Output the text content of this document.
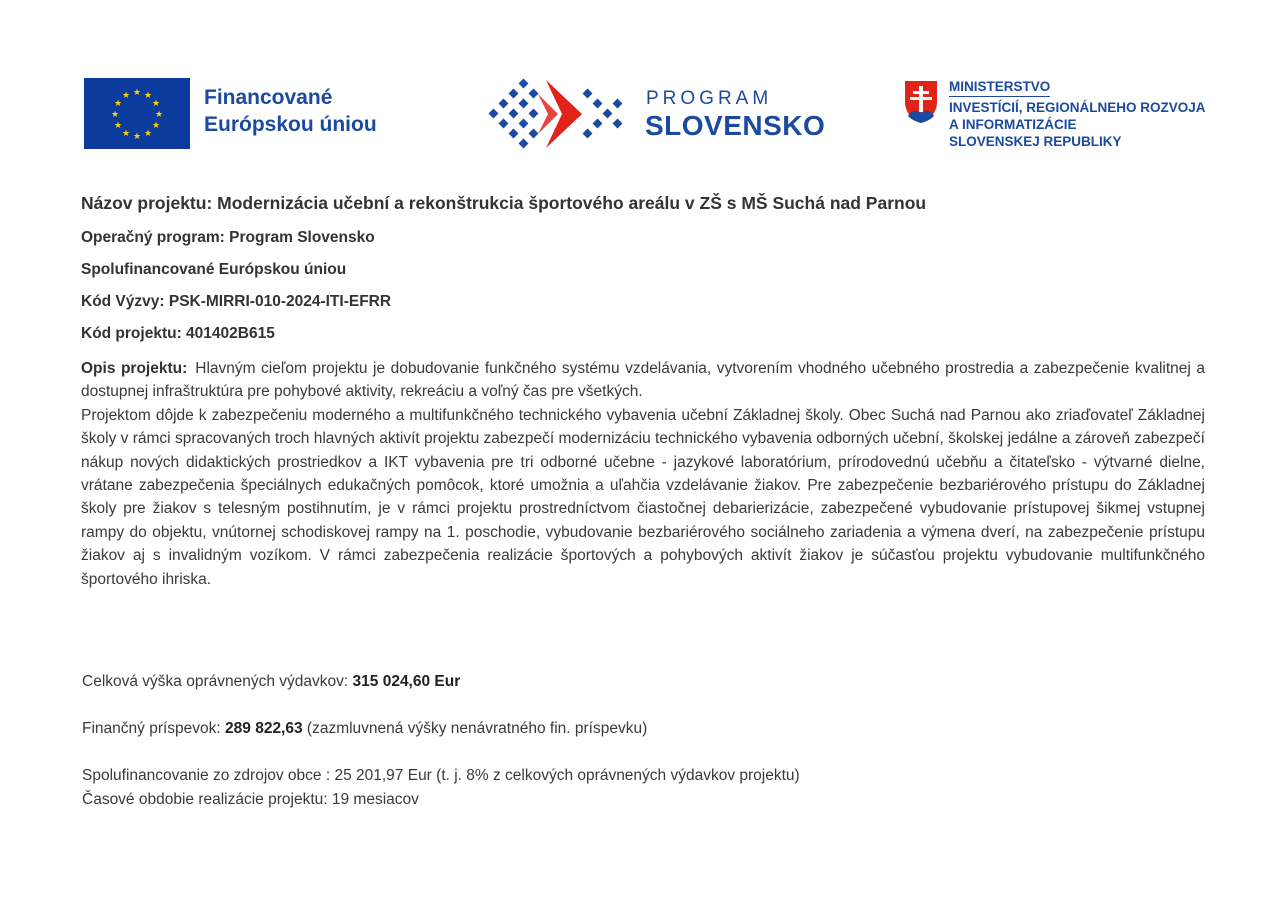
★ ★
★
★
★
★
★
★
★
★
★
★	Financované
Európskou úniou
PROGRAM
SLOVENSKO
MINISTERSTVO
INVESTÍCIÍ, REGIONÁLNEHO ROZVOJA
A INFORMATIZÁCIE
SLOVENSKEJ REPUBLIKY
Názov projektu: Modernizácia učební a rekonštrukcia športového areálu v ZŠ s MŠ Suchá nad Parnou
Operačný program: Program Slovensko
Spolufinancované Európskou úniou
Kód Výzvy: PSK-MIRRI-010-2024-ITI-EFRR
Kód projektu: 401402B615

Opis projektu: Hlavným cieľom projektu je dobudovanie funkčného systému vzdelávania, vytvorením vhodného učebného prostredia a zabezpečenie kvalitnej a dostupnej infraštruktúra pre pohybové aktivity, rekreáciu a voľný čas pre všetkých.

Projektom dôjde k zabezpečeniu moderného a multifunkčného technického vybavenia učební Základnej školy. Obec Suchá nad Parnou ako zriaďovateľ Základnej školy v rámci spracovaných troch hlavných aktivít projektu zabezpečí modernizáciu technického vybavenia odborných učební, školskej jedálne a zároveň zabezpečí nákup nových didaktických prostriedkov a IKT vybavenia pre tri odborné učebne - jazykové laboratórium, prírodovednú učebňu a čitateľsko - výtvarné dielne, vrátane zabezpečenia špeciálnych edukačných pomôcok, ktoré umožnia a uľahčia vzdelávanie žiakov. Pre zabezpečenie bezbariérového prístupu do Základnej školy pre žiakov s telesným postihnutím, je v rámci projektu prostredníctvom čiastočnej debarierizácie, zabezpečené vybudovanie prístupovej šikmej vstupnej rampy do objektu, vnútornej schodiskovej rampy na 1. poschodie, vybudovanie bezbariérového sociálneho zariadenia a výmena dverí, na zabezpečenie prístupu žiakov aj s invalidným vozíkom. V rámci zabezpečenia realizácie športových a pohybových aktivít žiakov je súčasťou projektu vybudovanie multifunkčného športového ihriska.

Celková výška oprávnených výdavkov: 315 024,60 Eur
Finančný príspevok: 289 822,63 (zazmluvnená výšky nenávratného fin. príspevku)
Spolufinancovanie zo zdrojov obce : 25 201,97 Eur (t. j. 8% z celkových oprávnených výdavkov projektu)
Časové obdobie realizácie projektu: 19 mesiacov
